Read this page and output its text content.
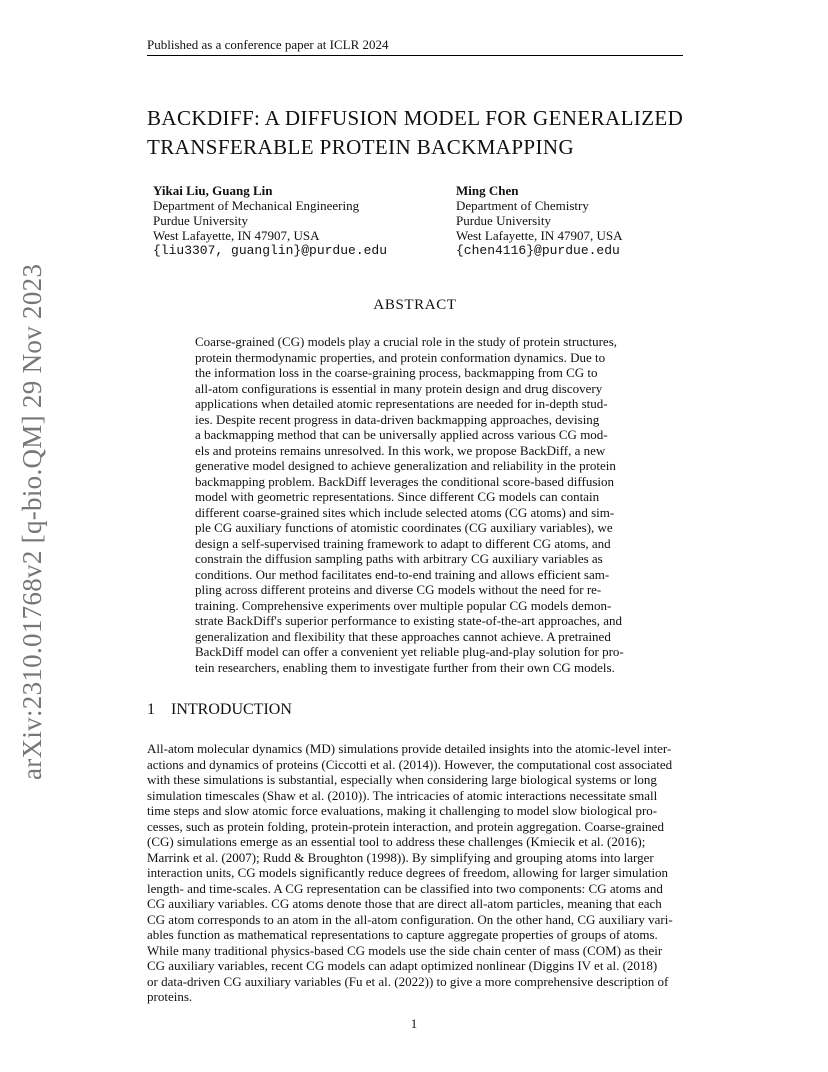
Published as a conference paper at ICLR 2024
BACKDIFF: A DIFFUSION MODEL FOR GENERALIZED
TRANSFERABLE PROTEIN BACKMAPPING
Yikai Liu, Guang Lin
Department of Mechanical Engineering
Purdue University
West Lafayette, IN 47907, USA
{liu3307, guanglin}@purdue.edu
Ming Chen
Department of Chemistry
Purdue University
West Lafayette, IN 47907, USA
{chen4116}@purdue.edu
ABSTRACT
Coarse-grained (CG) models play a crucial role in the study of protein structures,
protein thermodynamic properties, and protein conformation dynamics. Due to
the information loss in the coarse-graining process, backmapping from CG to
all-atom configurations is essential in many protein design and drug discovery
applications when detailed atomic representations are needed for in-depth stud-
ies. Despite recent progress in data-driven backmapping approaches, devising
a backmapping method that can be universally applied across various CG mod-
els and proteins remains unresolved. In this work, we propose BackDiff, a new
generative model designed to achieve generalization and reliability in the protein
backmapping problem. BackDiff leverages the conditional score-based diffusion
model with geometric representations. Since different CG models can contain
different coarse-grained sites which include selected atoms (CG atoms) and sim-
ple CG auxiliary functions of atomistic coordinates (CG auxiliary variables), we
design a self-supervised training framework to adapt to different CG atoms, and
constrain the diffusion sampling paths with arbitrary CG auxiliary variables as
conditions. Our method facilitates end-to-end training and allows efficient sam-
pling across different proteins and diverse CG models without the need for re-
training. Comprehensive experiments over multiple popular CG models demon-
strate BackDiff's superior performance to existing state-of-the-art approaches, and
generalization and flexibility that these approaches cannot achieve. A pretrained
BackDiff model can offer a convenient yet reliable plug-and-play solution for pro-
tein researchers, enabling them to investigate further from their own CG models.
1 INTRODUCTION
All-atom molecular dynamics (MD) simulations provide detailed insights into the atomic-level inter-
actions and dynamics of proteins (Ciccotti et al. (2014)). However, the computational cost associated
with these simulations is substantial, especially when considering large biological systems or long
simulation timescales (Shaw et al. (2010)). The intricacies of atomic interactions necessitate small
time steps and slow atomic force evaluations, making it challenging to model slow biological pro-
cesses, such as protein folding, protein-protein interaction, and protein aggregation. Coarse-grained
(CG) simulations emerge as an essential tool to address these challenges (Kmiecik et al. (2016);
Marrink et al. (2007); Rudd & Broughton (1998)). By simplifying and grouping atoms into larger
interaction units, CG models significantly reduce degrees of freedom, allowing for larger simulation
length- and time-scales. A CG representation can be classified into two components: CG atoms and
CG auxiliary variables. CG atoms denote those that are direct all-atom particles, meaning that each
CG atom corresponds to an atom in the all-atom configuration. On the other hand, CG auxiliary vari-
ables function as mathematical representations to capture aggregate properties of groups of atoms.
While many traditional physics-based CG models use the side chain center of mass (COM) as their
CG auxiliary variables, recent CG models can adapt optimized nonlinear (Diggins IV et al. (2018)
or data-driven CG auxiliary variables (Fu et al. (2022)) to give a more comprehensive description of
proteins.
1
arXiv:2310.01768v2 [q-bio.QM] 29 Nov 2023
